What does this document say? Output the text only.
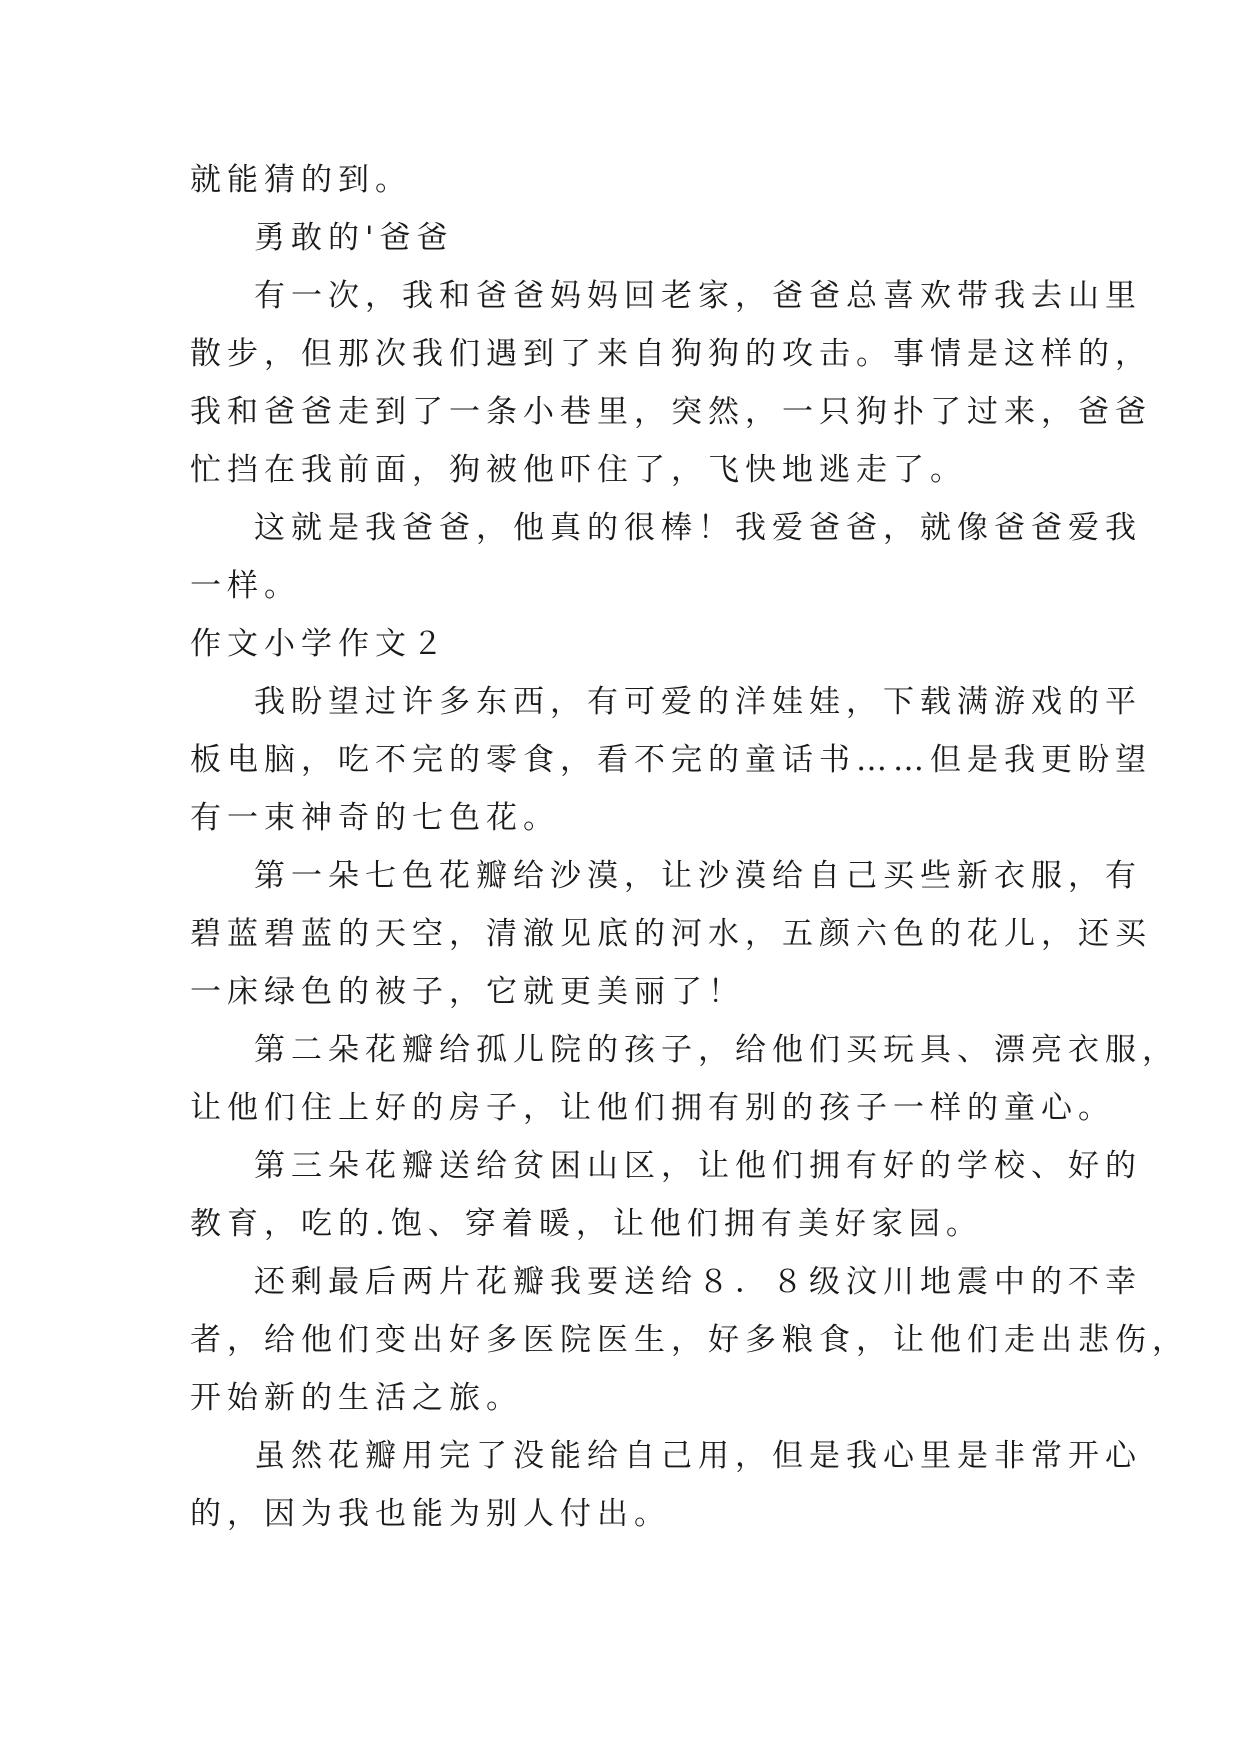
就能猜的到。
勇敢的'爸爸
有一次，我和爸爸妈妈回老家，爸爸总喜欢带我去山里
散步，但那次我们遇到了来自狗狗的攻击。事情是这样的，
我和爸爸走到了一条小巷里，突然，一只狗扑了过来，爸爸
忙挡在我前面，狗被他吓住了，飞快地逃走了。
这就是我爸爸，他真的很棒！我爱爸爸，就像爸爸爱我
一样。
作文小学作文２
我盼望过许多东西，有可爱的洋娃娃，下载满游戏的平
板电脑，吃不完的零食，看不完的童话书……但是我更盼望
有一束神奇的七色花。
第一朵七色花瓣给沙漠，让沙漠给自己买些新衣服，有
碧蓝碧蓝的天空，清澈见底的河水，五颜六色的花儿，还买
一床绿色的被子，它就更美丽了！
第二朵花瓣给孤儿院的孩子，给他们买玩具、漂亮衣服，
让他们住上好的房子，让他们拥有别的孩子一样的童心。
第三朵花瓣送给贫困山区，让他们拥有好的学校、好的
教育，吃的.饱、穿着暖，让他们拥有美好家园。
还剩最后两片花瓣我要送给８．８级汶川地震中的不幸
者，给他们变出好多医院医生，好多粮食，让他们走出悲伤，
开始新的生活之旅。
虽然花瓣用完了没能给自己用，但是我心里是非常开心
的，因为我也能为别人付出。
